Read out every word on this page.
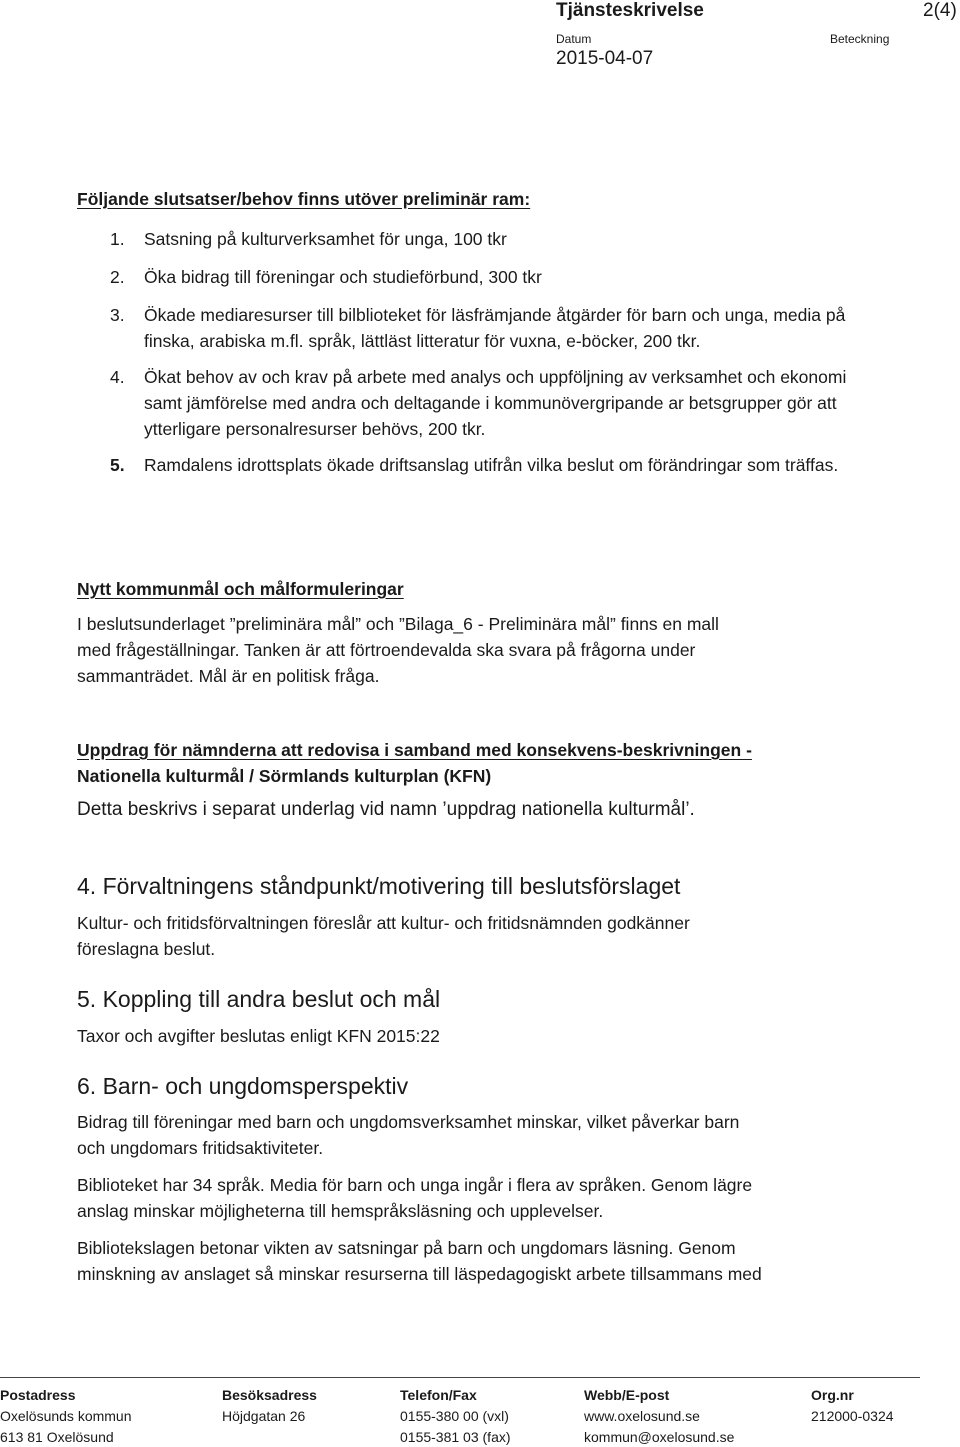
Tjänsteskrivelse	2(4)
Datum	Beteckning
2015-04-07
Följande slutsatser/behov finns utöver preliminär ram:
1. Satsning på kulturverksamhet för unga, 100 tkr
2. Öka bidrag till föreningar och studieförbund, 300 tkr
3. Ökade mediaresurser till bilblioteket för läsfrämjande åtgärder för barn och unga, media på finska, arabiska m.fl. språk, lättläst litteratur för vuxna, e-böcker, 200 tkr.
4. Ökat behov av och krav på arbete med analys och uppföljning av verksamhet och ekonomi samt jämförelse med andra och deltagande i kommunövergripande ar betsgrupper gör att ytterligare personalresurser behövs, 200 tkr.
5. Ramdalens idrottsplats ökade driftsanslag utifrån vilka beslut om förändringar som träffas.
Nytt kommunmål och målformuleringar
I beslutsunderlaget ”preliminära mål” och ”Bilaga_6 - Preliminära mål” finns en mall
med frågeställningar. Tanken är att förtroendevalda ska svara på frågorna under
sammanträdet. Mål är en politisk fråga.
Uppdrag för nämnderna att redovisa i samband med konsekvens-beskrivningen -
Nationella kulturmål / Sörmlands kulturplan (KFN)
Detta beskrivs i separat underlag vid namn ’uppdrag nationella kulturmål’.
4. Förvaltningens ståndpunkt/motivering till beslutsförslaget
Kultur- och fritidsförvaltningen föreslår att kultur- och fritidsnämnden godkänner
föreslagna beslut.
5. Koppling till andra beslut och mål
Taxor och avgifter beslutas enligt KFN 2015:22
6. Barn- och ungdomsperspektiv
Bidrag till föreningar med barn och ungdomsverksamhet minskar, vilket påverkar barn
och ungdomars fritidsaktiviteter.
Biblioteket har 34 språk. Media för barn och unga ingår i flera av språken. Genom lägre
anslag minskar möjligheterna till hemspråksläsning och upplevelser.
Bibliotekslagen betonar vikten av satsningar på barn och ungdomars läsning. Genom
minskning av anslaget så minskar resurserna till läspedagogiskt arbete tillsammans med
Postadress
Oxelösunds kommun
613 81 Oxelösund
Besöksadress
Höjdgatan 26
Telefon/Fax
0155-380 00 (vxl)
0155-381 03 (fax)
Webb/E-post
www.oxelosund.se
kommun@oxelosund.se
Org.nr
212000-0324
